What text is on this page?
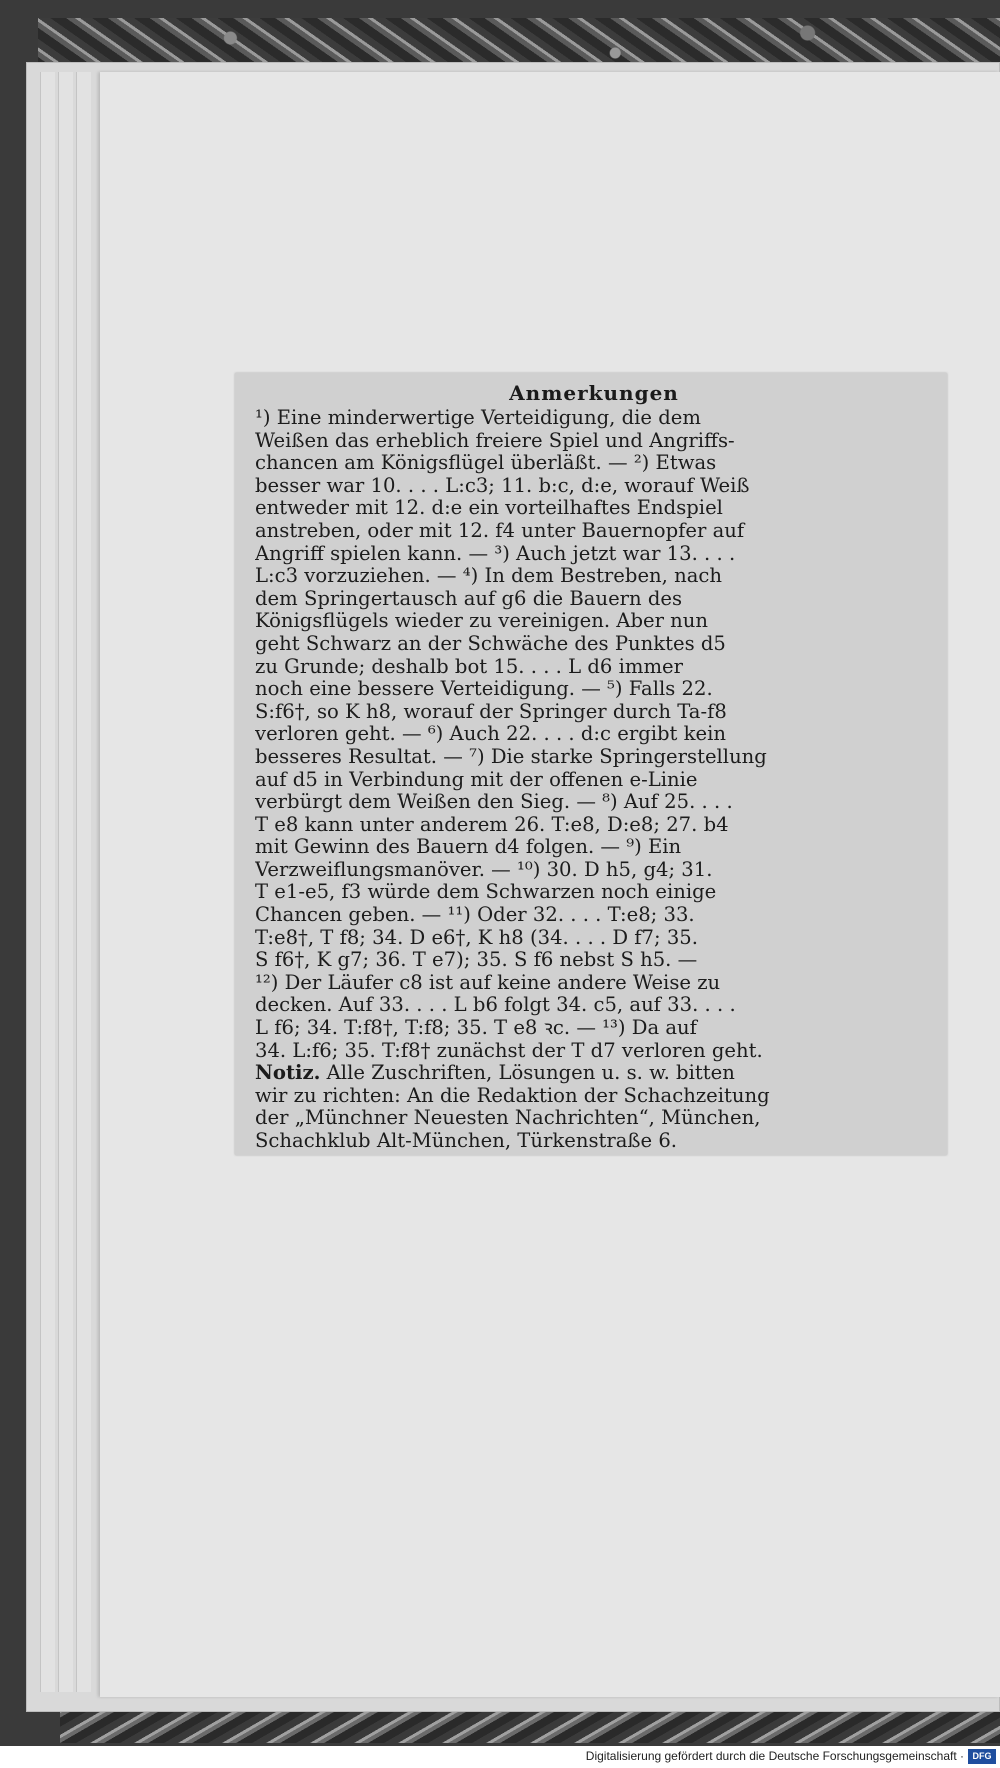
Anmerkungen
¹) Eine minderwertige Verteidigung, die dem
Weißen das erheblich freiere Spiel und Angriffs-
chancen am Königsflügel überläßt. — ²) Etwas
besser war 10. . . . L:c3; 11. b:c, d:e, worauf Weiß
entweder mit 12. d:e ein vorteilhaftes Endspiel
anstreben, oder mit 12. f4 unter Bauernopfer auf
Angriff spielen kann. — ³) Auch jetzt war 13. . . .
L:c3 vorzuziehen. — ⁴) In dem Bestreben, nach
dem Springertausch auf g6 die Bauern des
Königsflügels wieder zu vereinigen. Aber nun
geht Schwarz an der Schwäche des Punktes d5
zu Grunde; deshalb bot 15. . . . L d6 immer
noch eine bessere Verteidigung. — ⁵) Falls 22.
S:f6†, so K h8, worauf der Springer durch Ta-f8
verloren geht. — ⁶) Auch 22. . . . d:c ergibt kein
besseres Resultat. — ⁷) Die starke Springerstellung
auf d5 in Verbindung mit der offenen e-Linie
verbürgt dem Weißen den Sieg. — ⁸) Auf 25. . . .
T e8 kann unter anderem 26. T:e8, D:e8; 27. b4
mit Gewinn des Bauern d4 folgen. — ⁹) Ein
Verzweiflungsmanöver. — ¹⁰) 30. D h5, g4; 31.
T e1-e5, f3 würde dem Schwarzen noch einige
Chancen geben. — ¹¹) Oder 32. . . . T:e8; 33.
T:e8†, T f8; 34. D e6†, K h8 (34. . . . D f7; 35.
S f6†, K g7; 36. T e7); 35. S f6 nebst S h5. —
¹²) Der Läufer c8 ist auf keine andere Weise zu
decken. Auf 33. . . . L b6 folgt 34. c5, auf 33. . . .
L f6; 34. T:f8†, T:f8; 35. T e8 ꝛc. — ¹³) Da auf
34. L:f6; 35. T:f8† zunächst der T d7 verloren geht.
Notiz. Alle Zuschriften, Lösungen u. s. w. bitten
wir zu richten: An die Redaktion der Schachzeitung
der „Münchner Neuesten Nachrichten“, München,
Schachklub Alt-München, Türkenstraße 6.
Digitalisierung gefördert durch die Deutsche Forschungsgemeinschaft · DFG
